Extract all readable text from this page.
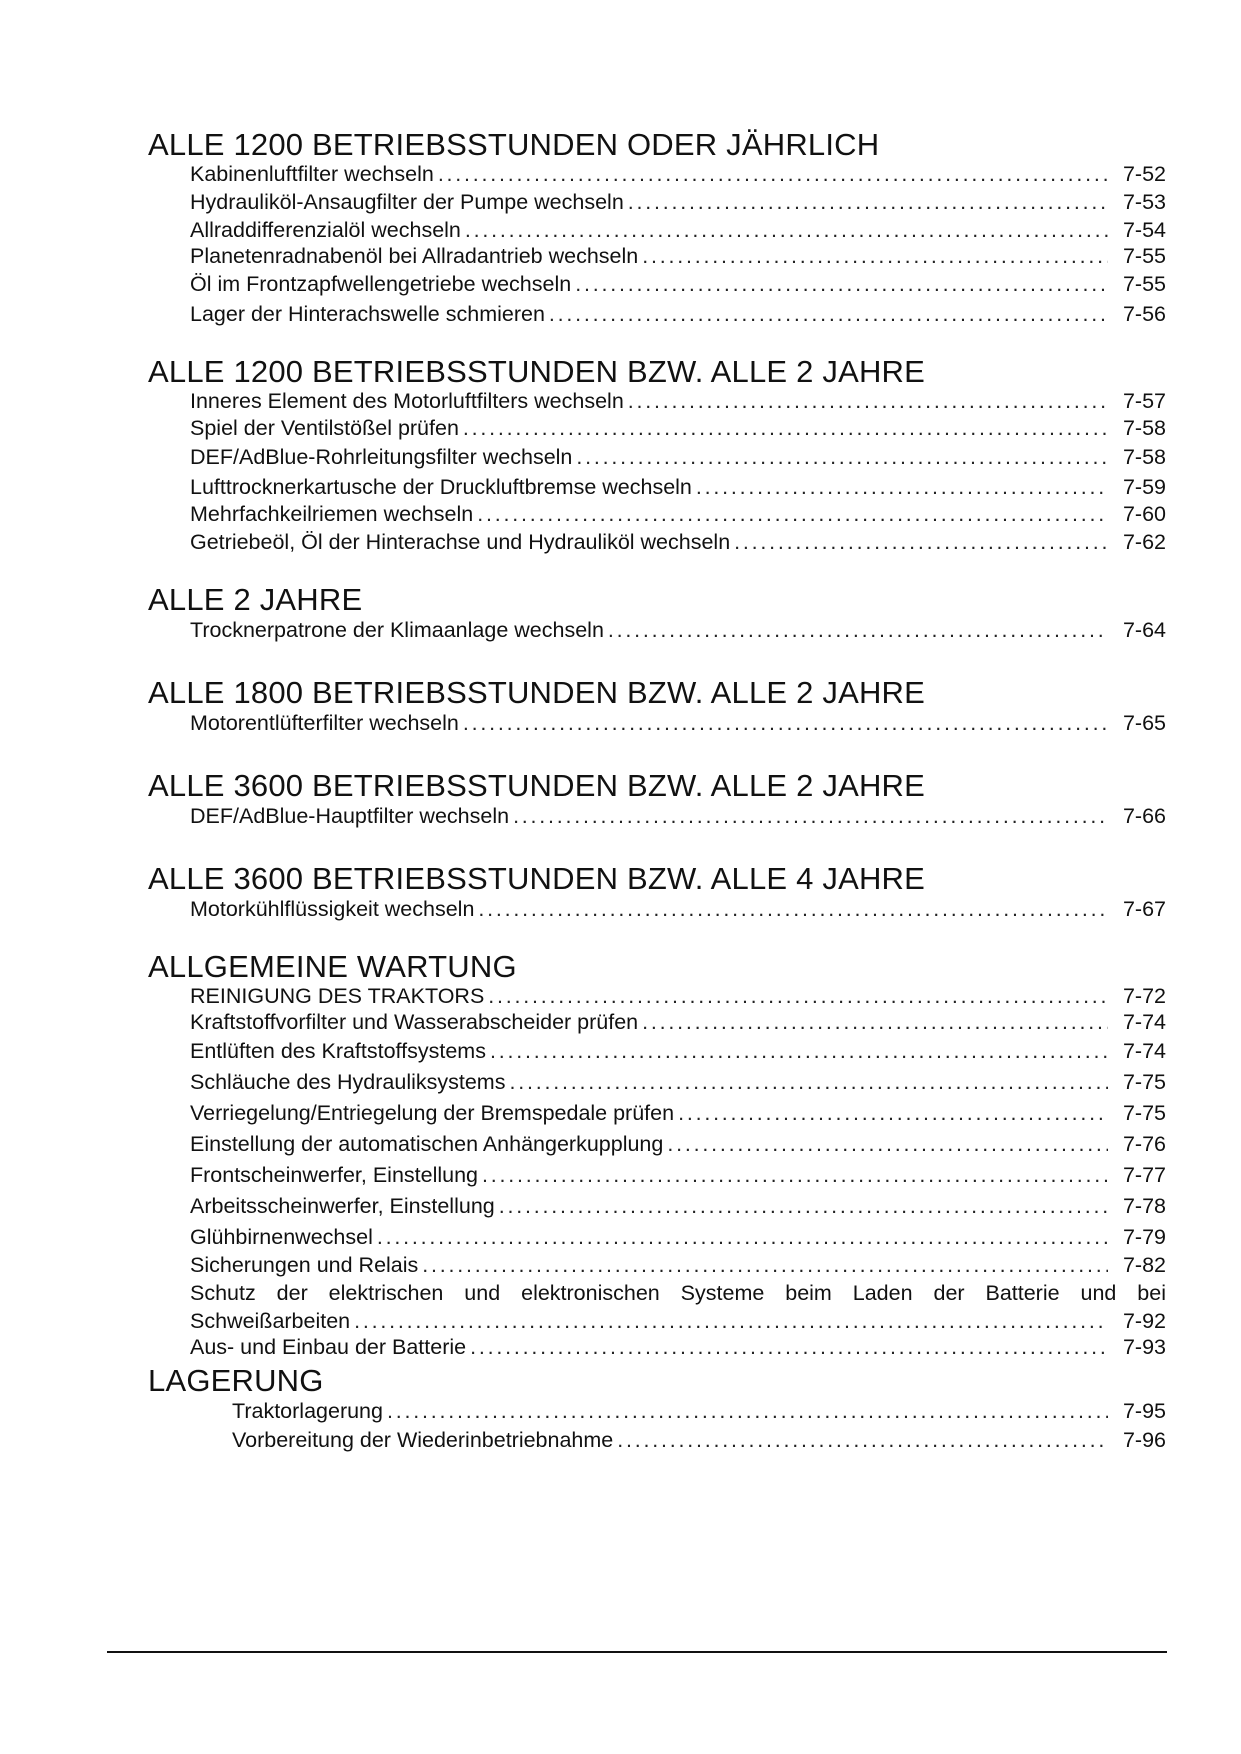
ALLE 1200 BETRIEBSSTUNDEN ODER JÄHRLICH
Kabinenluftfilter wechseln . . .	7-52
Hydrauliköl-Ansaugfilter der Pumpe wechseln . . .	7-53
Allraddifferenzialöl wechseln . . .	7-54
Planetenradnabenöl bei Allradantrieb wechseln . . .	7-55
Öl im Frontzapfwellengetriebe wechseln . . .	7-55
Lager der Hinterachswelle schmieren . . .	7-56
ALLE 1200 BETRIEBSSTUNDEN BZW. ALLE 2 JAHRE
Inneres Element des Motorluftfilters wechseln . . .	7-57
Spiel der Ventilstößel prüfen . . .	7-58
DEF/AdBlue-Rohrleitungsfilter wechseln . . .	7-58
Lufttrocknerkartusche der Druckluftbremse wechseln . . .	7-59
Mehrfachkeilriemen wechseln . . .	7-60
Getriebeöl, Öl der Hinterachse und Hydrauliköl wechseln . . .	7-62
ALLE 2 JAHRE
Trocknerpatrone der Klimaanlage wechseln . . .	7-64
ALLE 1800 BETRIEBSSTUNDEN BZW. ALLE 2 JAHRE
Motorentlüfterfilter wechseln . . .	7-65
ALLE 3600 BETRIEBSSTUNDEN BZW. ALLE 2 JAHRE
DEF/AdBlue-Hauptfilter wechseln . . .	7-66
ALLE 3600 BETRIEBSSTUNDEN BZW. ALLE 4 JAHRE
Motorkühlflüssigkeit wechseln . . .	7-67
ALLGEMEINE WARTUNG
REINIGUNG DES TRAKTORS . . .	7-72
Kraftstoffvorfilter und Wasserabscheider prüfen . . .	7-74
Entlüften des Kraftstoffsystems . . .	7-74
Schläuche des Hydrauliksystems . . .	7-75
Verriegelung/Entriegelung der Bremspedale prüfen . . .	7-75
Einstellung der automatischen Anhängerkupplung . . .	7-76
Frontscheinwerfer, Einstellung . . .	7-77
Arbeitsscheinwerfer, Einstellung . . .	7-78
Glühbirnenwechsel . . .	7-79
Sicherungen und Relais . . .	7-82
Schutz der elektrischen und elektronischen Systeme beim Laden der Batterie und bei
Schweißarbeiten . . .	7-92
Aus- und Einbau der Batterie . . .	7-93
LAGERUNG
Traktorlagerung . . .	7-95
Vorbereitung der Wiederinbetriebnahme . . .	7-96
